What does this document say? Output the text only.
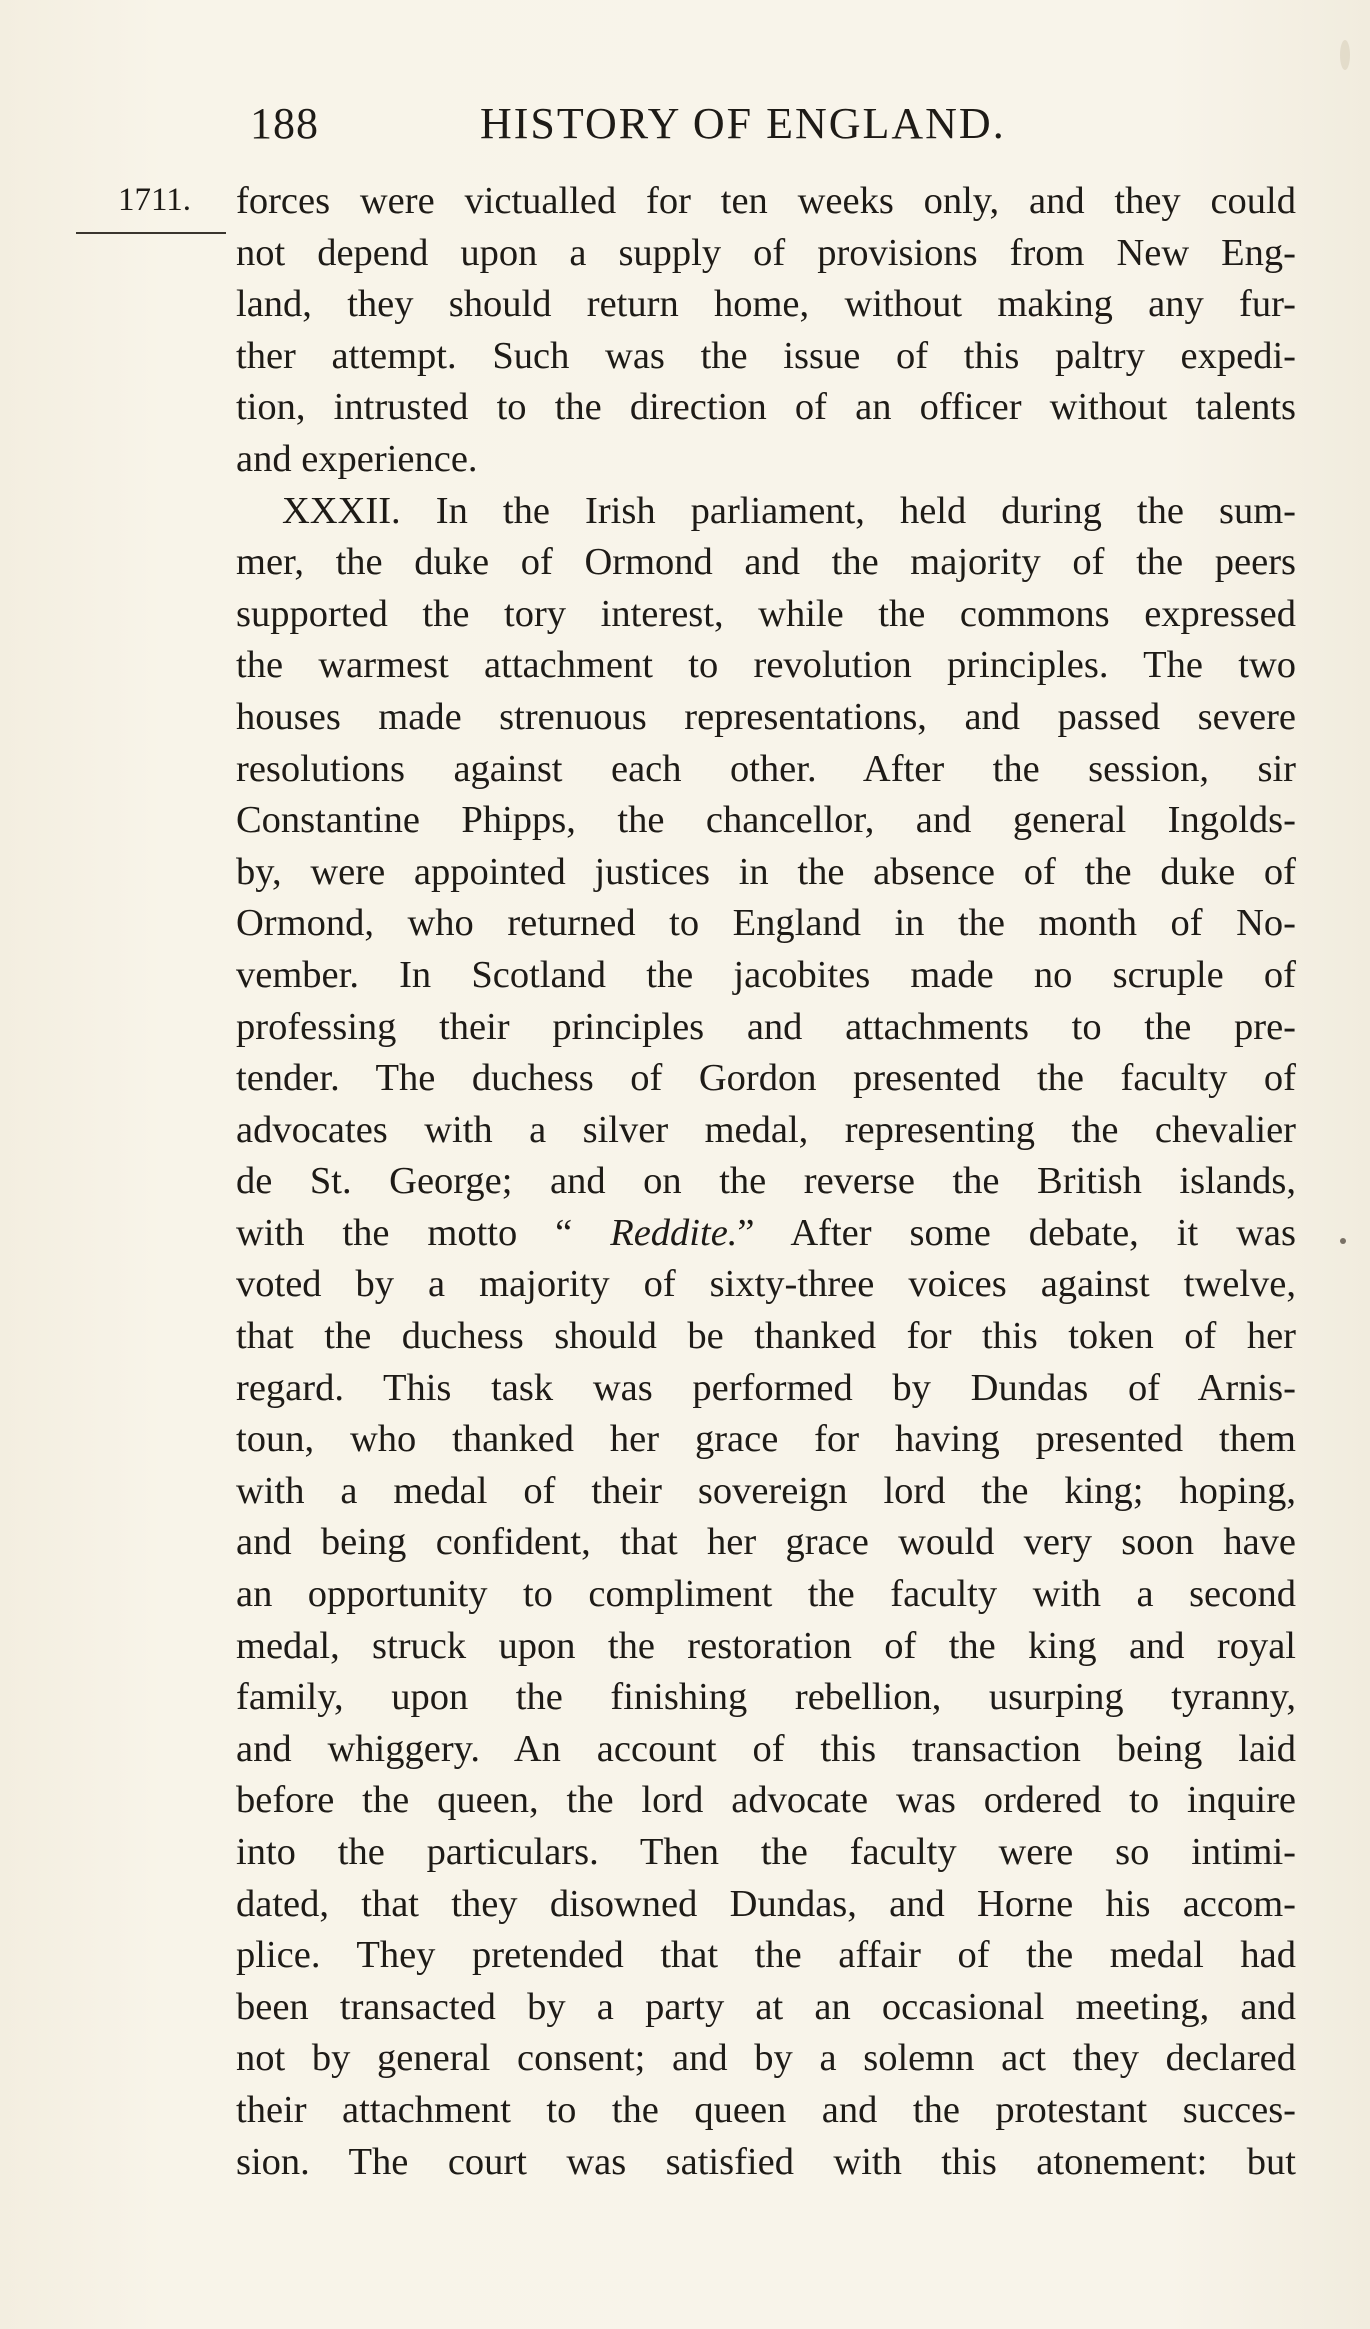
188	HISTORY OF ENGLAND.
1711. forces were victualled for ten weeks only, and they could
not depend upon a supply of provisions from New Eng-
land, they should return home, without making any fur-
ther attempt. Such was the issue of this paltry expedi-
tion, intrusted to the direction of an officer without talents
and experience.
XXXII. In the Irish parliament, held during the sum-
mer, the duke of Ormond and the majority of the peers
supported the tory interest, while the commons expressed
the warmest attachment to revolution principles. The two
houses made strenuous representations, and passed severe
resolutions against each other. After the session, sir
Constantine Phipps, the chancellor, and general Ingolds-
by, were appointed justices in the absence of the duke of
Ormond, who returned to England in the month of No-
vember. In Scotland the jacobites made no scruple of
professing their principles and attachments to the pre-
tender. The duchess of Gordon presented the faculty of
advocates with a silver medal, representing the chevalier
de St. George; and on the reverse the British islands,
with the motto “ Reddite.” After some debate, it was
voted by a majority of sixty-three voices against twelve,
that the duchess should be thanked for this token of her
regard. This task was performed by Dundas of Arnis-
toun, who thanked her grace for having presented them
with a medal of their sovereign lord the king; hoping,
and being confident, that her grace would very soon have
an opportunity to compliment the faculty with a second
medal, struck upon the restoration of the king and royal
family, upon the finishing rebellion, usurping tyranny,
and whiggery. An account of this transaction being laid
before the queen, the lord advocate was ordered to inquire
into the particulars. Then the faculty were so intimi-
dated, that they disowned Dundas, and Horne his accom-
plice. They pretended that the affair of the medal had
been transacted by a party at an occasional meeting, and
not by general consent; and by a solemn act they declared
their attachment to the queen and the protestant succes-
sion. The court was satisfied with this atonement: but
